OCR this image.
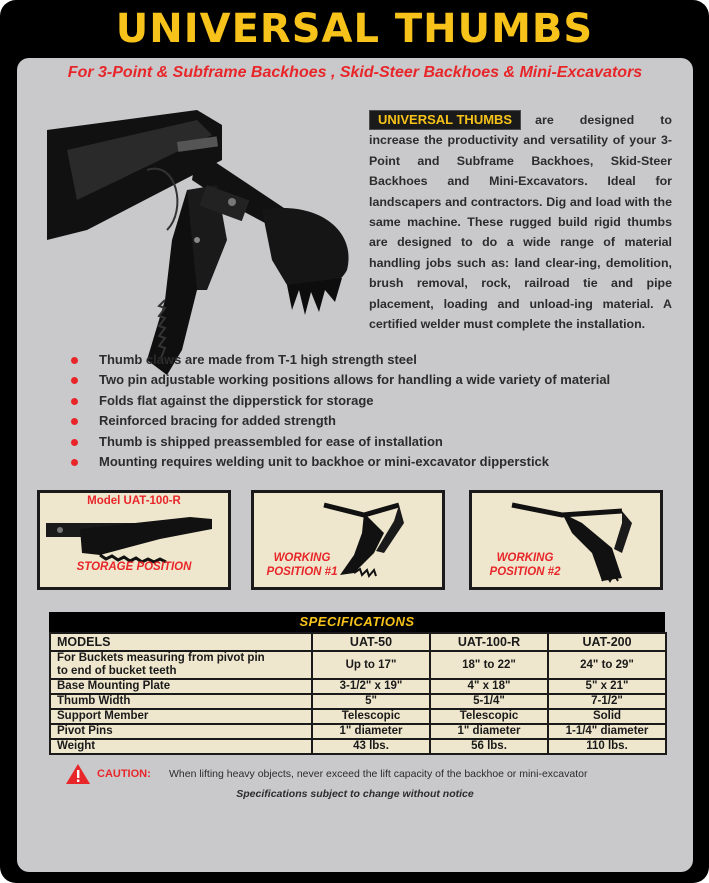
UNIVERSAL THUMBS
For 3-Point & Subframe Backhoes , Skid-Steer Backhoes & Mini-Excavators
UNIVERSAL THUMBS are designed to increase the productivity and versatility of your 3-Point and Subframe Backhoes, Skid-Steer Backhoes and Mini-Excavators. Ideal for landscapers and contractors. Dig and load with the same machine. These rugged build rigid thumbs are designed to do a wide range of material handling jobs such as: land clear-ing, demolition, brush removal, rock, railroad tie and pipe placement, loading and unload-ing material. A certified welder must complete the installation.
Thumb claws are made from T-1 high strength steel
Two pin adjustable working positions allows for handling a wide variety of material
Folds flat against the dipperstick for storage
Reinforced bracing for added strength
Thumb is shipped preassembled for ease of installation
Mounting requires welding unit to backhoe or mini-excavator dipperstick
Model UAT-100-R
STORAGE POSITION
WORKING
POSITION #1
WORKING
POSITION #2
SPECIFICATIONS
MODELS	UAT-50	UAT-100-R	UAT-200

For Buckets measuring from pivot pin
to end of bucket teeth	Up to 17"	18" to 22"	24" to 29"
Base Mounting Plate	3-1/2" x 19"	4" x 18"	5" x 21"
Thumb Width	5"	5-1/4"	7-1/2"
Support Member	Telescopic	Telescopic	Solid
Pivot Pins	1" diameter	1" diameter	1-1/4" diameter
Weight	43 lbs.	56 lbs.	110 lbs.
CAUTION: When lifting heavy objects, never exceed the lift capacity of the backhoe or mini-excavator
Specifications subject to change without notice
